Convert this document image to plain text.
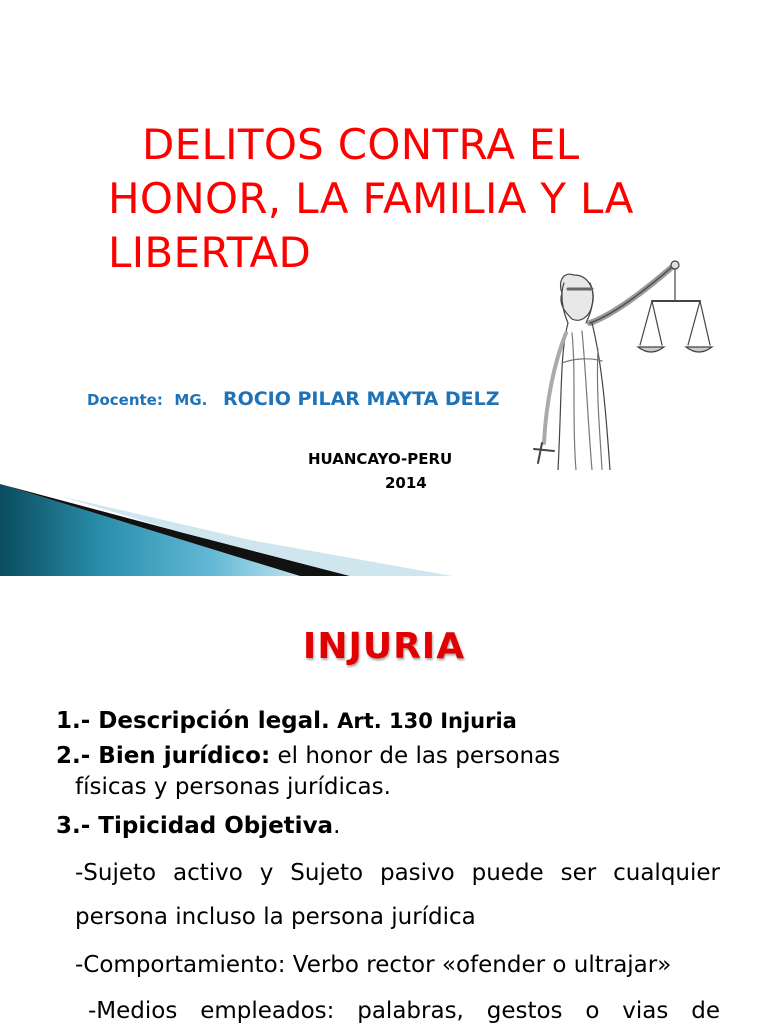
DELITOS CONTRA EL
HONOR, LA FAMILIA Y LA
LIBERTAD
Docente: MG. ROCIO PILAR MAYTA DELZ
HUANCAYO-PERU
2014
INJURIA
1.- Descripción legal. Art. 130 Injuria
2.- Bien jurídico: el honor de las personas
físicas y personas jurídicas.
3.- Tipicidad Objetiva.
-Sujeto activo y Sujeto pasivo puede ser cualquier
persona incluso la persona jurídica
-Comportamiento: Verbo rector «ofender o ultrajar»
-Medios empleados: palabras, gestos o vias de
